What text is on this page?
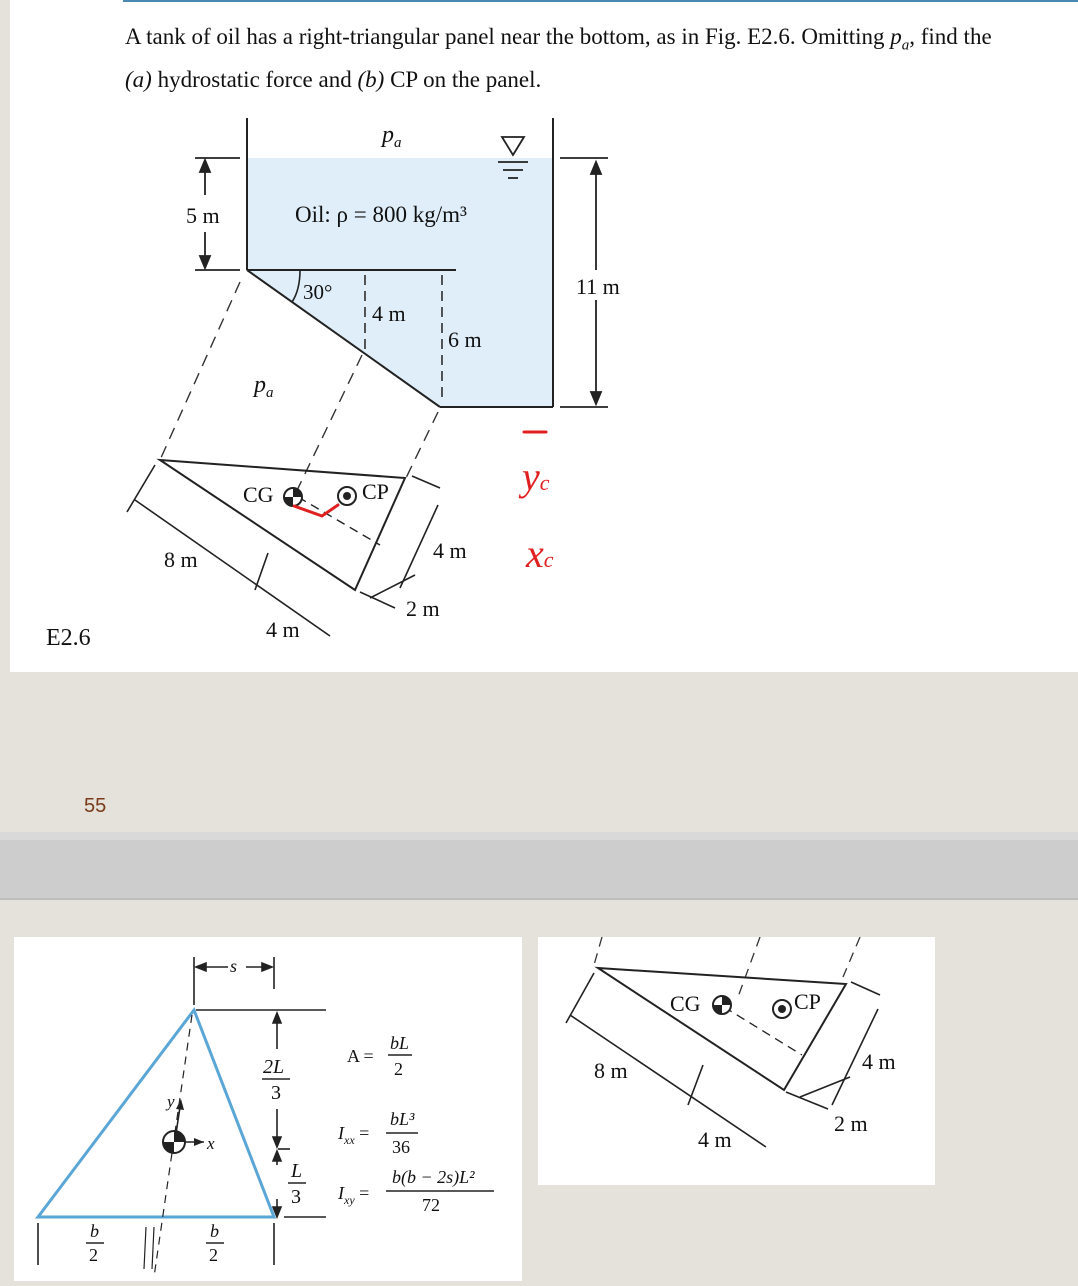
A tank of oil has a right-triangular panel near the bottom, as in Fig. E2.6. Omitting $p_a$, find the
(a) hydrostatic force and (b) CP on the panel.
$p_a$
Oil: ρ = 800 kg/m³
5 m
30°
4 m
6 m
11 m
$p_a$
CG	CP
8 m	4 m
4 m
2 m
yc
xc
E2.6
55
s
2L
3
L
3
x
y
b
2
b
2
A =
bL
2
$I_{xx}$ =
bL³
36
$I_{xy}$ =
b(b − 2s)L²
72
CG	CP
8 m
4 m
4 m
2 m
